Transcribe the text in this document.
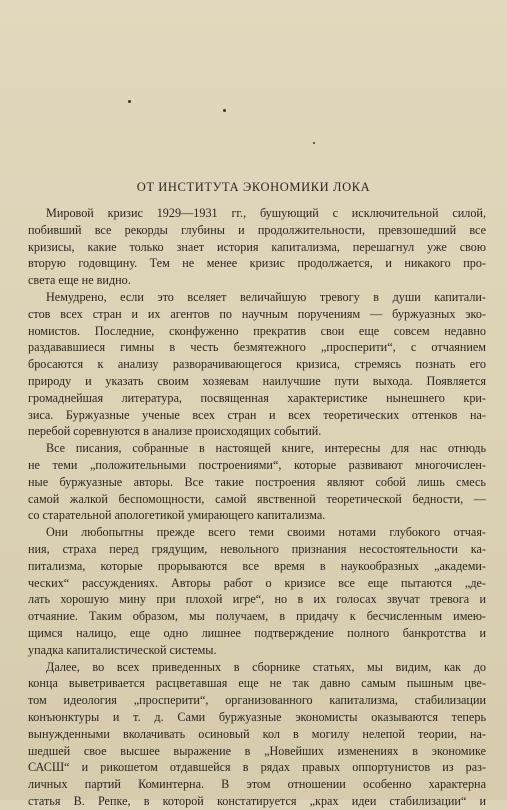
ОТ ИНСТИТУТА ЭКОНОМИКИ ЛОКА
Мировой кризис 1929—1931 гг., бушующий с исключительной силой,
побивший все рекорды глубины и продолжительности, превзошедший все
кризисы, какие только знает история капитализма, перешагнул уже свою
вторую годовщину. Тем не менее кризис продолжается, и никакого про-
света еще не видно.
Немудрено, если это вселяет величайшую тревогу в души капитали-
стов всех стран и их агентов по научным поручениям — буржуазных эко-
номистов. Последние, сконфуженно прекратив свои еще совсем недавно
раздававшиеся гимны в честь безмятежного „просперити“, с отчаянием
бросаются к анализу разворачивающегося кризиса, стремясь познать его
природу и указать своим хозяевам наилучшие пути выхода. Появляется
громаднейшая литература, посвященная характеристике нынешнего кри-
зиса. Буржуазные ученые всех стран и всех теоретических оттенков на-
перебой соревнуются в анализе происходящих событий.
Все писания, собранные в настоящей книге, интересны для нас отнюдь
не теми „положительными построениями“, которые развивают многочислен-
ные буржуазные авторы. Все такие построения являют собой лишь смесь
самой жалкой беспомощности, самой явственной теоретической бедности, —
со старательной апологетикой умирающего капитализма.
Они любопытны прежде всего теми своими нотами глубокого отчая-
ния, страха перед грядущим, невольного признания несостоятельности ка-
питализма, которые прорываются все время в наукообразных „академи-
ческих“ рассуждениях. Авторы работ о кризисе все еще пытаются „де-
лать хорошую мину при плохой игре“, но в их голосах звучат тревога и
отчаяние. Таким образом, мы получаем, в придачу к бесчисленным имею-
щимся налицо, еще одно лишнее подтверждение полного банкротства и
упадка капиталистической системы.
Далее, во всех приведенных в сборнике статьях, мы видим, как до
конца выветривается расцветавшая еще не так давно самым пышным цве-
том идеология „просперити“, организованного капитализма, стабилизации
конъюнктуры и т. д. Сами буржуазные экономисты оказываются теперь
вынужденными вколачивать осиновый кол в могилу нелепой теории, на-
шедшей свое высшее выражение в „Новейших изменениях в экономике
САСШ“ и рикошетом отдавшейся в рядах правых оппортунистов из раз-
личных партий Коминтерна. В этом отношении особенно характерна
статья В. Репке, в которой констатируется „крах идеи стабилизации“ и
